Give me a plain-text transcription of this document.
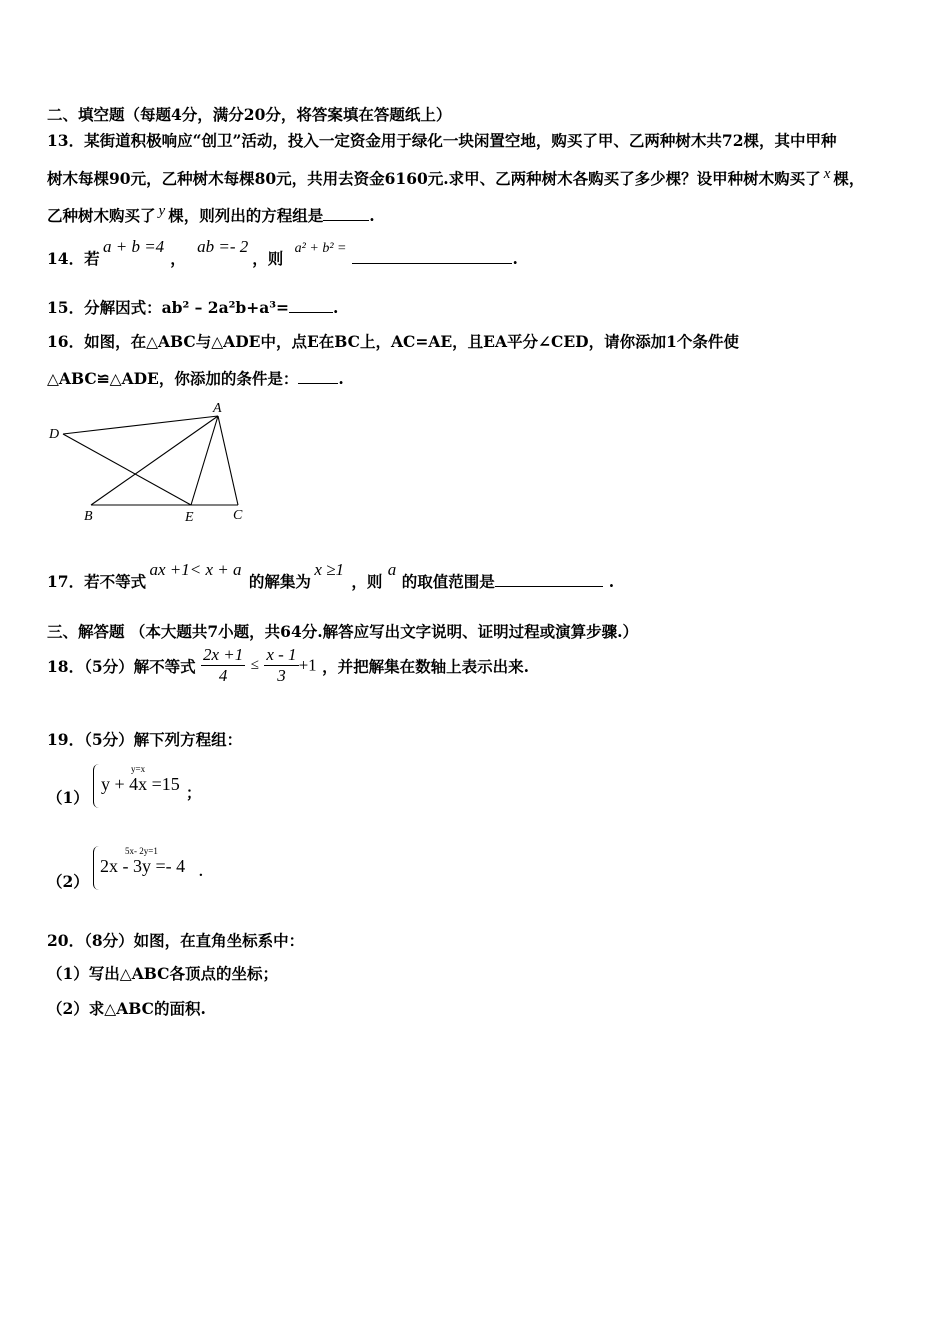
二、填空题（每题4分，满分20分，将答案填在答题纸上）
13．某街道积极响应“创卫”活动，投入一定资金用于绿化一块闲置空地，购买了甲、乙两种树木共72棵，其中甲种
树木每棵90元，乙种树木每棵80元，共用去资金6160元.求甲、乙两种树木各购买了多少棵？设甲种树木购买了 x 棵，
乙种树木购买了 y 棵，则列出的方程组是	.
14．若 a + b =4， ab =- 2，则 a² + b² =.
15．分解因式：ab² – 2a²b+a³=	.
16．如图，在△ABC与△ADE中，点E在BC上，AC=AE，且EA平分∠CED，请你添加1个条件使
△ABC≌△ADE，你添加的条件是：	.
A
D
B	E	C
17．若不等式 ax +1< x + a 的解集为 x ≥1 ，则 a 的取值范围是	.
三、解答题 （本大题共7小题，共64分.解答应写出文字说明、证明过程或演算步骤.）
18．（5分）解不等式 $\frac{2x +1}{4} \le \frac{x - 1}{3} +1$ ，并把解集在数轴上表示出来.
19．（5分）解下列方程组：
（1）
y=x
y + 4x =15 ；
（2）
5x- 2y=1
2x - 3y =- 4 .
20．（8分）如图，在直角坐标系中：
（1）写出△ABC各顶点的坐标；
（2）求△ABC的面积.
